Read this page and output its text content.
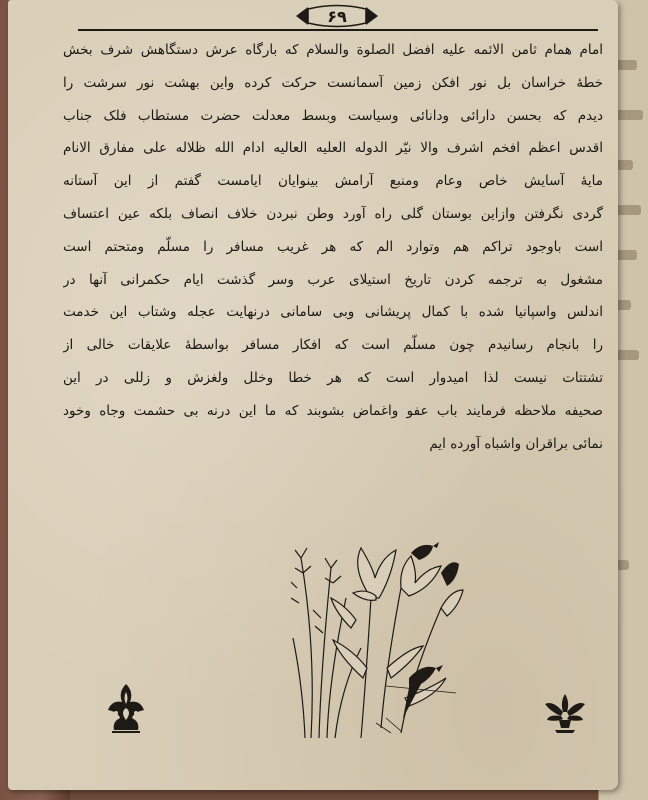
۶۹
امام همام ثامن الائمه علیه افضل الصلوة والسلام که بارگاه عرش دستگاهش شرف بخش
خطهٔ خراسان بل نور افکن زمین آسمانست حرکت کرده واین بهشت نور سرشت را
دیدم که بحسن دارائی ودانائی وسیاست وبسط معدلت حضرت مستطاب فلک جناب
اقدس اعظم افخم اشرف والا نیّر الدوله العلیه العالیه ادام الله ظلاله علی مفارق الانام
مایهٔ آسایش خاص وعام ومنبع آرامش بینوایان ایامست گفتم از این آستانه
گردی نگرفتن وازاین بوستان گلی راه آورد وطن نبردن خلاف انصاف بلکه عین اعتساف
است باوجود تراکم هم وتوارد الم که هر غریب مسافر را مسلّم ومتحتم است
مشغول به ترجمه کردن تاریخ استیلای عرب وسر گذشت ایام حکمرانی آنها در
اندلس واسپانیا شده با کمال پریشانی وبی سامانی درنهایت عجله وشتاب این خدمت
را بانجام رسانیدم چون مسلّم است که افکار مسافر بواسطهٔ علایقات خالی از
تشتتات نیست لذا امیدوار است که هر خطا وخلل ولغزش و زللی در این
صحیفه ملاحظه فرمایند باب عفو واغماض بشوبند که ما این درنه بی حشمت وجاه وخود
نمائی براقران واشباه آورده ایم
